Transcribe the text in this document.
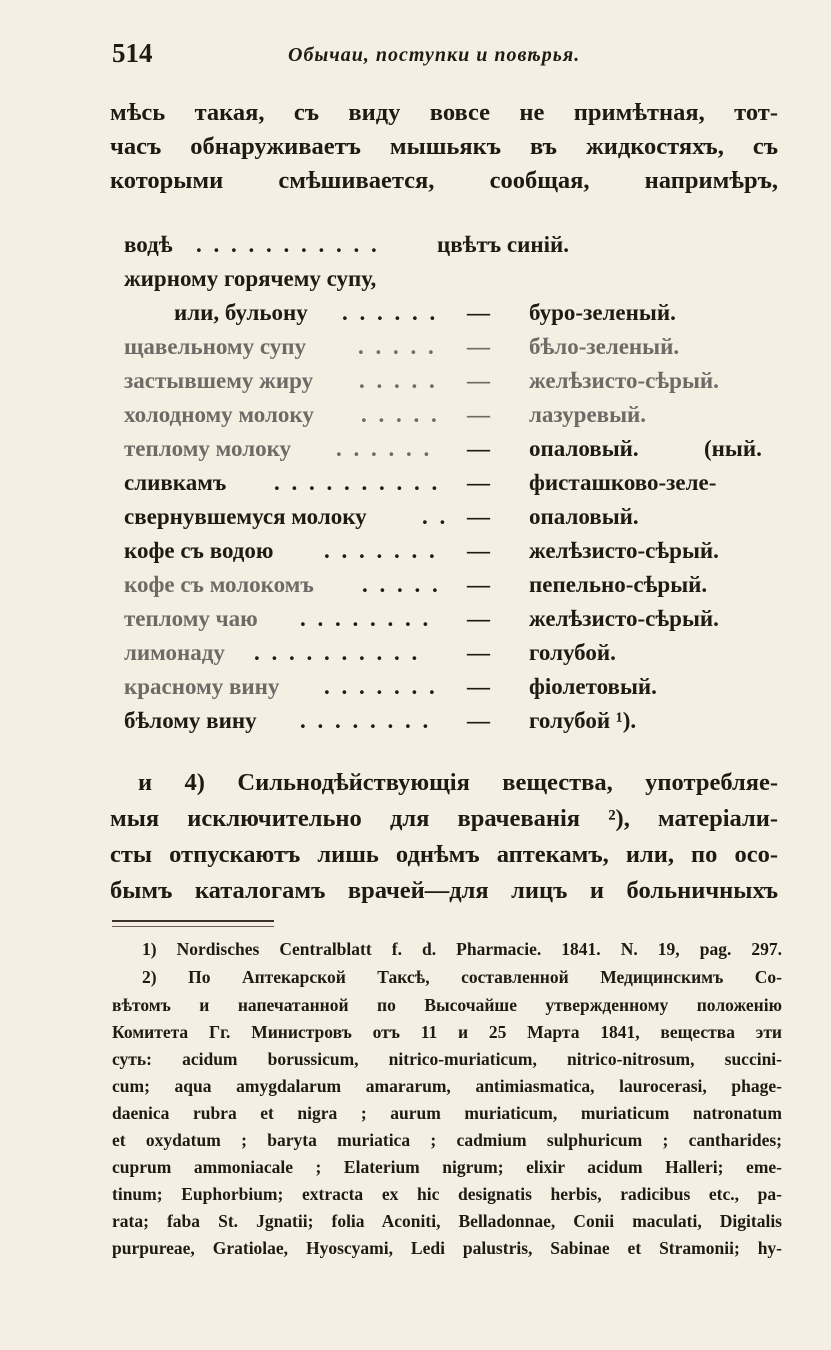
514	Обычаи, поступки и повѣрья.
мѣсь такая, съ виду вовсе не примѣтная, тот-
часъ обнаруживаетъ мышьякъ въ жидкостяхъ, съ
которыми смѣшивается, сообщая, напримѣръ,
водѣ . . . . . . . . . . . цвѣтъ синій.
жирному горячему супу,
или, бульону . . . . . . — буро-зеленый.
щавельному супу . . . . . — бѣло-зеленый.
застывшему жиру . . . . . — желѣзисто-сѣрый.
холодному молоку . . . . . — лазуревый.
теплому молоку . . . . . . — опаловый.	(ный.
сливкамъ . . . . . . . . . . — фисташково-зеле-
свернувшемуся молоку . . — опаловый.
кофе съ водою . . . . . . . — желѣзисто-сѣрый.
кофе съ молокомъ . . . . . — пепельно-сѣрый.
теплому чаю . . . . . . . . — желѣзисто-сѣрый.
лимонаду . . . . . . . . . . — голубой.
красному вину . . . . . . . — фіолетовый.
бѣлому вину . . . . . . . . — голубой ¹).
и 4) Сильнодѣйствующія вещества, употребляе-
мыя исключительно для врачеванія ²), матеріали-
сты отпускаютъ лишь однѣмъ аптекамъ, или, по осо-
бымъ каталогамъ врачей—для лицъ и больничныхъ
1) Nordisches Centralblatt f. d. Pharmacie. 1841. N. 19, pag. 297.
2) По Аптекарской Таксѣ, составленной Медицинскимъ Со-
вѣтомъ и напечатанной по Высочайше утвержденному положенію
Комитета Гг. Министровъ отъ 11 и 25 Марта 1841, вещества эти
суть: acidum borussicum, nitrico-muriaticum, nitrico-nitrosum, succini-
cum; aqua amygdalarum amararum, antimiasmatica, laurocerasi, phage-
daenica rubra et nigra ; aurum muriaticum, muriaticum natronatum
et oxydatum ; baryta muriatica ; cadmium sulphuricum ; cantharides;
cuprum ammoniacale ; Elaterium nigrum; elixir acidum Halleri; eme-
tinum; Euphorbium; extracta ex hic designatis herbis, radicibus etc., pa-
rata; faba St. Jgnatii; folia Aconiti, Belladonnae, Conii maculati, Digitalis
purpureae, Gratiolae, Hyoscyami, Ledi palustris, Sabinae et Stramonii; hy-
